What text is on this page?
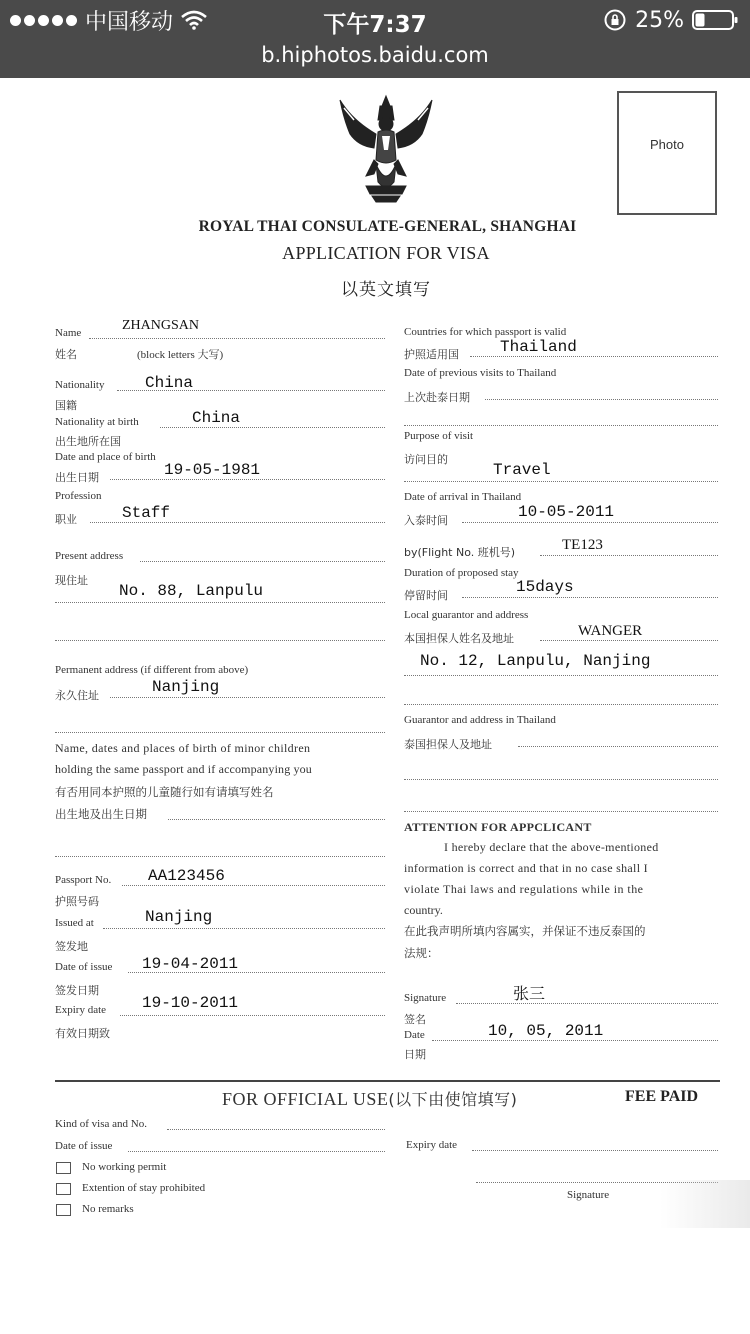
中国移动	下午7:37	25%
b.hiphotos.baidu.com
Photo
ROYAL THAI CONSULATE-GENERAL, SHANGHAI
APPLICATION FOR VISA
以英文填写
Name	ZHANGSAN
姓名	(block letters 大写)
Nationality	China
国籍
Nationality at birth	China
出生地所在国
Date and place of birth
出生日期	19-05-1981
Profession
职业	Staff
Present address
现住址
No. 88, Lanpulu
Permanent address (if different from above)
永久住址	Nanjing
Name, dates and places of birth of minor children
holding the same passport and if accompanying you
有否用同本护照的儿童随行如有请填写姓名
出生地及出生日期
Passport No. AA123456
护照号码
Issued at	Nanjing
签发地
Date of issue 19-04-2011
签发日期
Expiry date 19-10-2011
有效日期致
Countries for which passport is valid
护照适用国	Thailand
Date of previous visits to Thailand
上次赴泰日期
Purpose of visit
访问目的
Travel
Date of arrival in Thailand
入泰时间	10-05-2011
by(Flight No. 班机号)	TE123
Duration of proposed stay
停留时间	15days
Local guarantor and address
本国担保人姓名及地址	WANGER
No. 12, Lanpulu, Nanjing
Guarantor and address in Thailand
泰国担保人及地址
ATTENTION FOR APPCLICANT
I hereby declare that the above-mentioned
information is correct and that in no case shall I
violate Thai laws and regulations while in the
country.
在此我声明所填内容属实，并保证不违反泰国的
法规：
Signature	张三
签名
Date	10, 05, 2011
日期
FOR OFFICIAL USE(以下由使馆填写)	FEE PAID
Kind of visa and No.
Date of issue	Expiry date
No working permit
Extention of stay prohibited
No remarks
Signature
